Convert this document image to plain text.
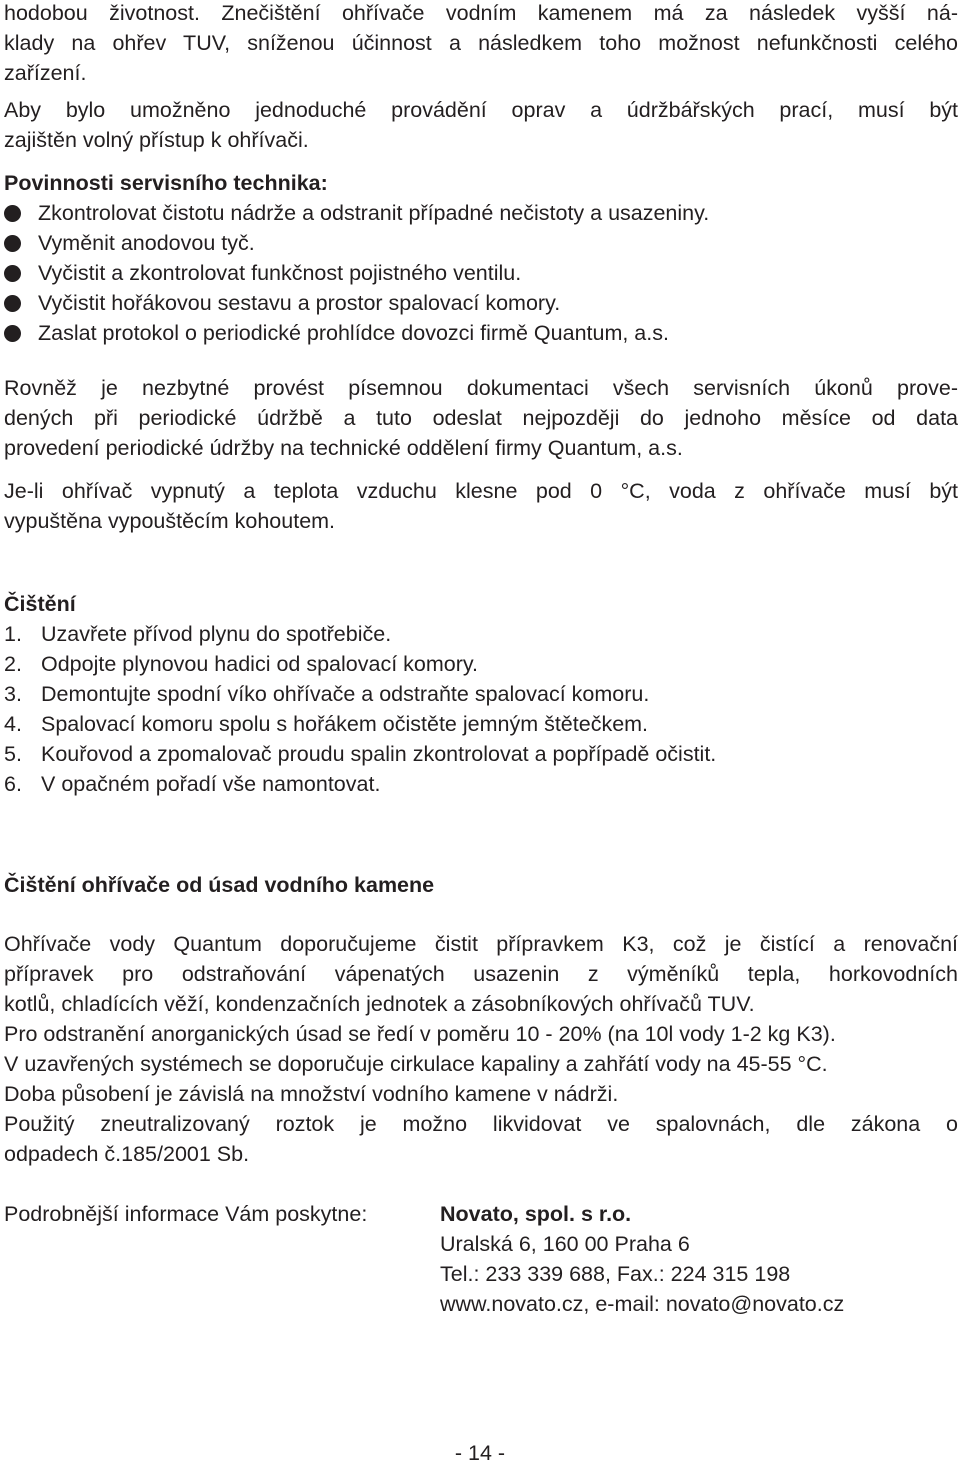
hodobou životnost. Znečištění ohřívače vodním kamenem má za následek vyšší ná-
klady na ohřev TUV, sníženou účinnost a následkem toho možnost nefunkčnosti celého
zařízení.
Aby bylo umožněno jednoduché provádění oprav a údržbářských prací, musí být
zajištěn volný přístup k ohřívači.
Povinnosti servisního technika:
Zkontrolovat čistotu nádrže a odstranit případné nečistoty a usazeniny.
Vyměnit anodovou tyč.
Vyčistit a zkontrolovat funkčnost pojistného ventilu.
Vyčistit hořákovou sestavu a prostor spalovací komory.
Zaslat protokol o periodické prohlídce dovozci firmě Quantum, a.s.
Rovněž je nezbytné provést písemnou dokumentaci všech servisních úkonů prove-
dených při periodické údržbě a tuto odeslat nejpozději do jednoho měsíce od data
provedení periodické údržby na technické oddělení firmy Quantum, a.s.
Je-li ohřívač vypnutý a teplota vzduchu klesne pod 0 °C, voda z ohřívače musí být
vypuštěna vypouštěcím kohoutem.
Čištění
1. Uzavřete přívod plynu do spotřebiče.
2. Odpojte plynovou hadici od spalovací komory.
3. Demontujte spodní víko ohřívače a odstraňte spalovací komoru.
4. Spalovací komoru spolu s hořákem očistěte jemným štětečkem.
5. Kouřovod a zpomalovač proudu spalin zkontrolovat a popřípadě očistit.
6. V opačném pořadí vše namontovat.
Čištění ohřívače od úsad vodního kamene
Ohřívače vody Quantum doporučujeme čistit přípravkem K3, což je čistící a renovační
přípravek pro odstraňování vápenatých usazenin z výměníků tepla, horkovodních
kotlů, chladících věží, kondenzačních jednotek a zásobníkových ohřívačů TUV.
Pro odstranění anorganických úsad se ředí v poměru 10 - 20% (na 10l vody 1-2 kg K3).
V uzavřených systémech se doporučuje cirkulace kapaliny a zahřátí vody na 45-55 °C.
Doba působení je závislá na množství vodního kamene v nádrži.
Použitý zneutralizovaný roztok je možno likvidovat ve spalovnách, dle zákona o
odpadech č.185/2001 Sb.
Podrobnější informace Vám poskytne:	Novato, spol. s r.o.
Uralská 6, 160 00 Praha 6
Tel.: 233 339 688, Fax.: 224 315 198
www.novato.cz, e-mail: novato@novato.cz
- 14 -
